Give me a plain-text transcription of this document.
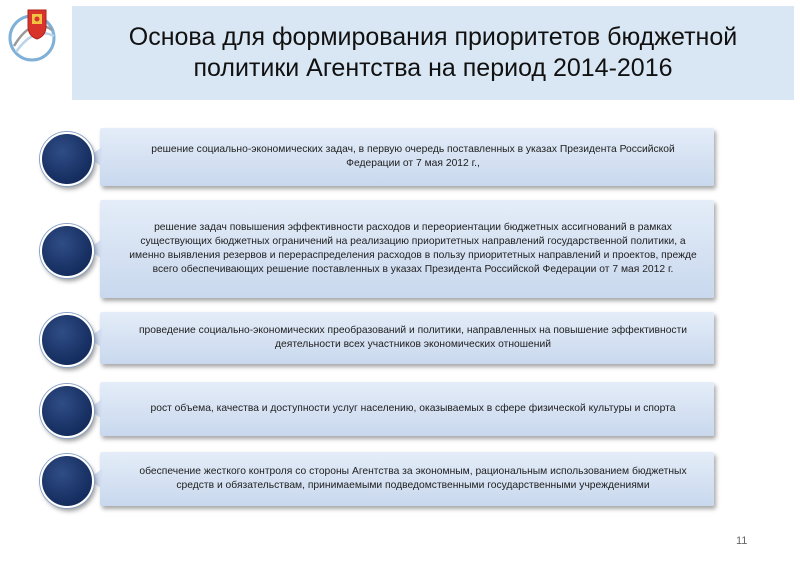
Основа для формирования приоритетов бюджетной
политики Агентства на период 2014-2016
решение социально-экономических задач, в первую очередь поставленных в указах Президента Российской Федерации от 7 мая 2012 г.,
решение задач повышения эффективности расходов и переориентации бюджетных ассигнований в рамках существующих бюджетных ограничений на реализацию приоритетных направлений государственной политики, а именно выявления резервов и перераспределения расходов в пользу приоритетных направлений и проектов, прежде всего обеспечивающих решение поставленных в указах Президента Российской Федерации от 7 мая 2012 г.
проведение социально-экономических преобразований и политики, направленных на повышение эффективности деятельности всех участников экономических отношений
рост объема, качества и доступности услуг населению, оказываемых в сфере физической культуры и спорта
обеспечение жесткого контроля со стороны Агентства за экономным, рациональным использованием бюджетных средств и обязательствам, принимаемыми подведомственными государственными учреждениями
11
